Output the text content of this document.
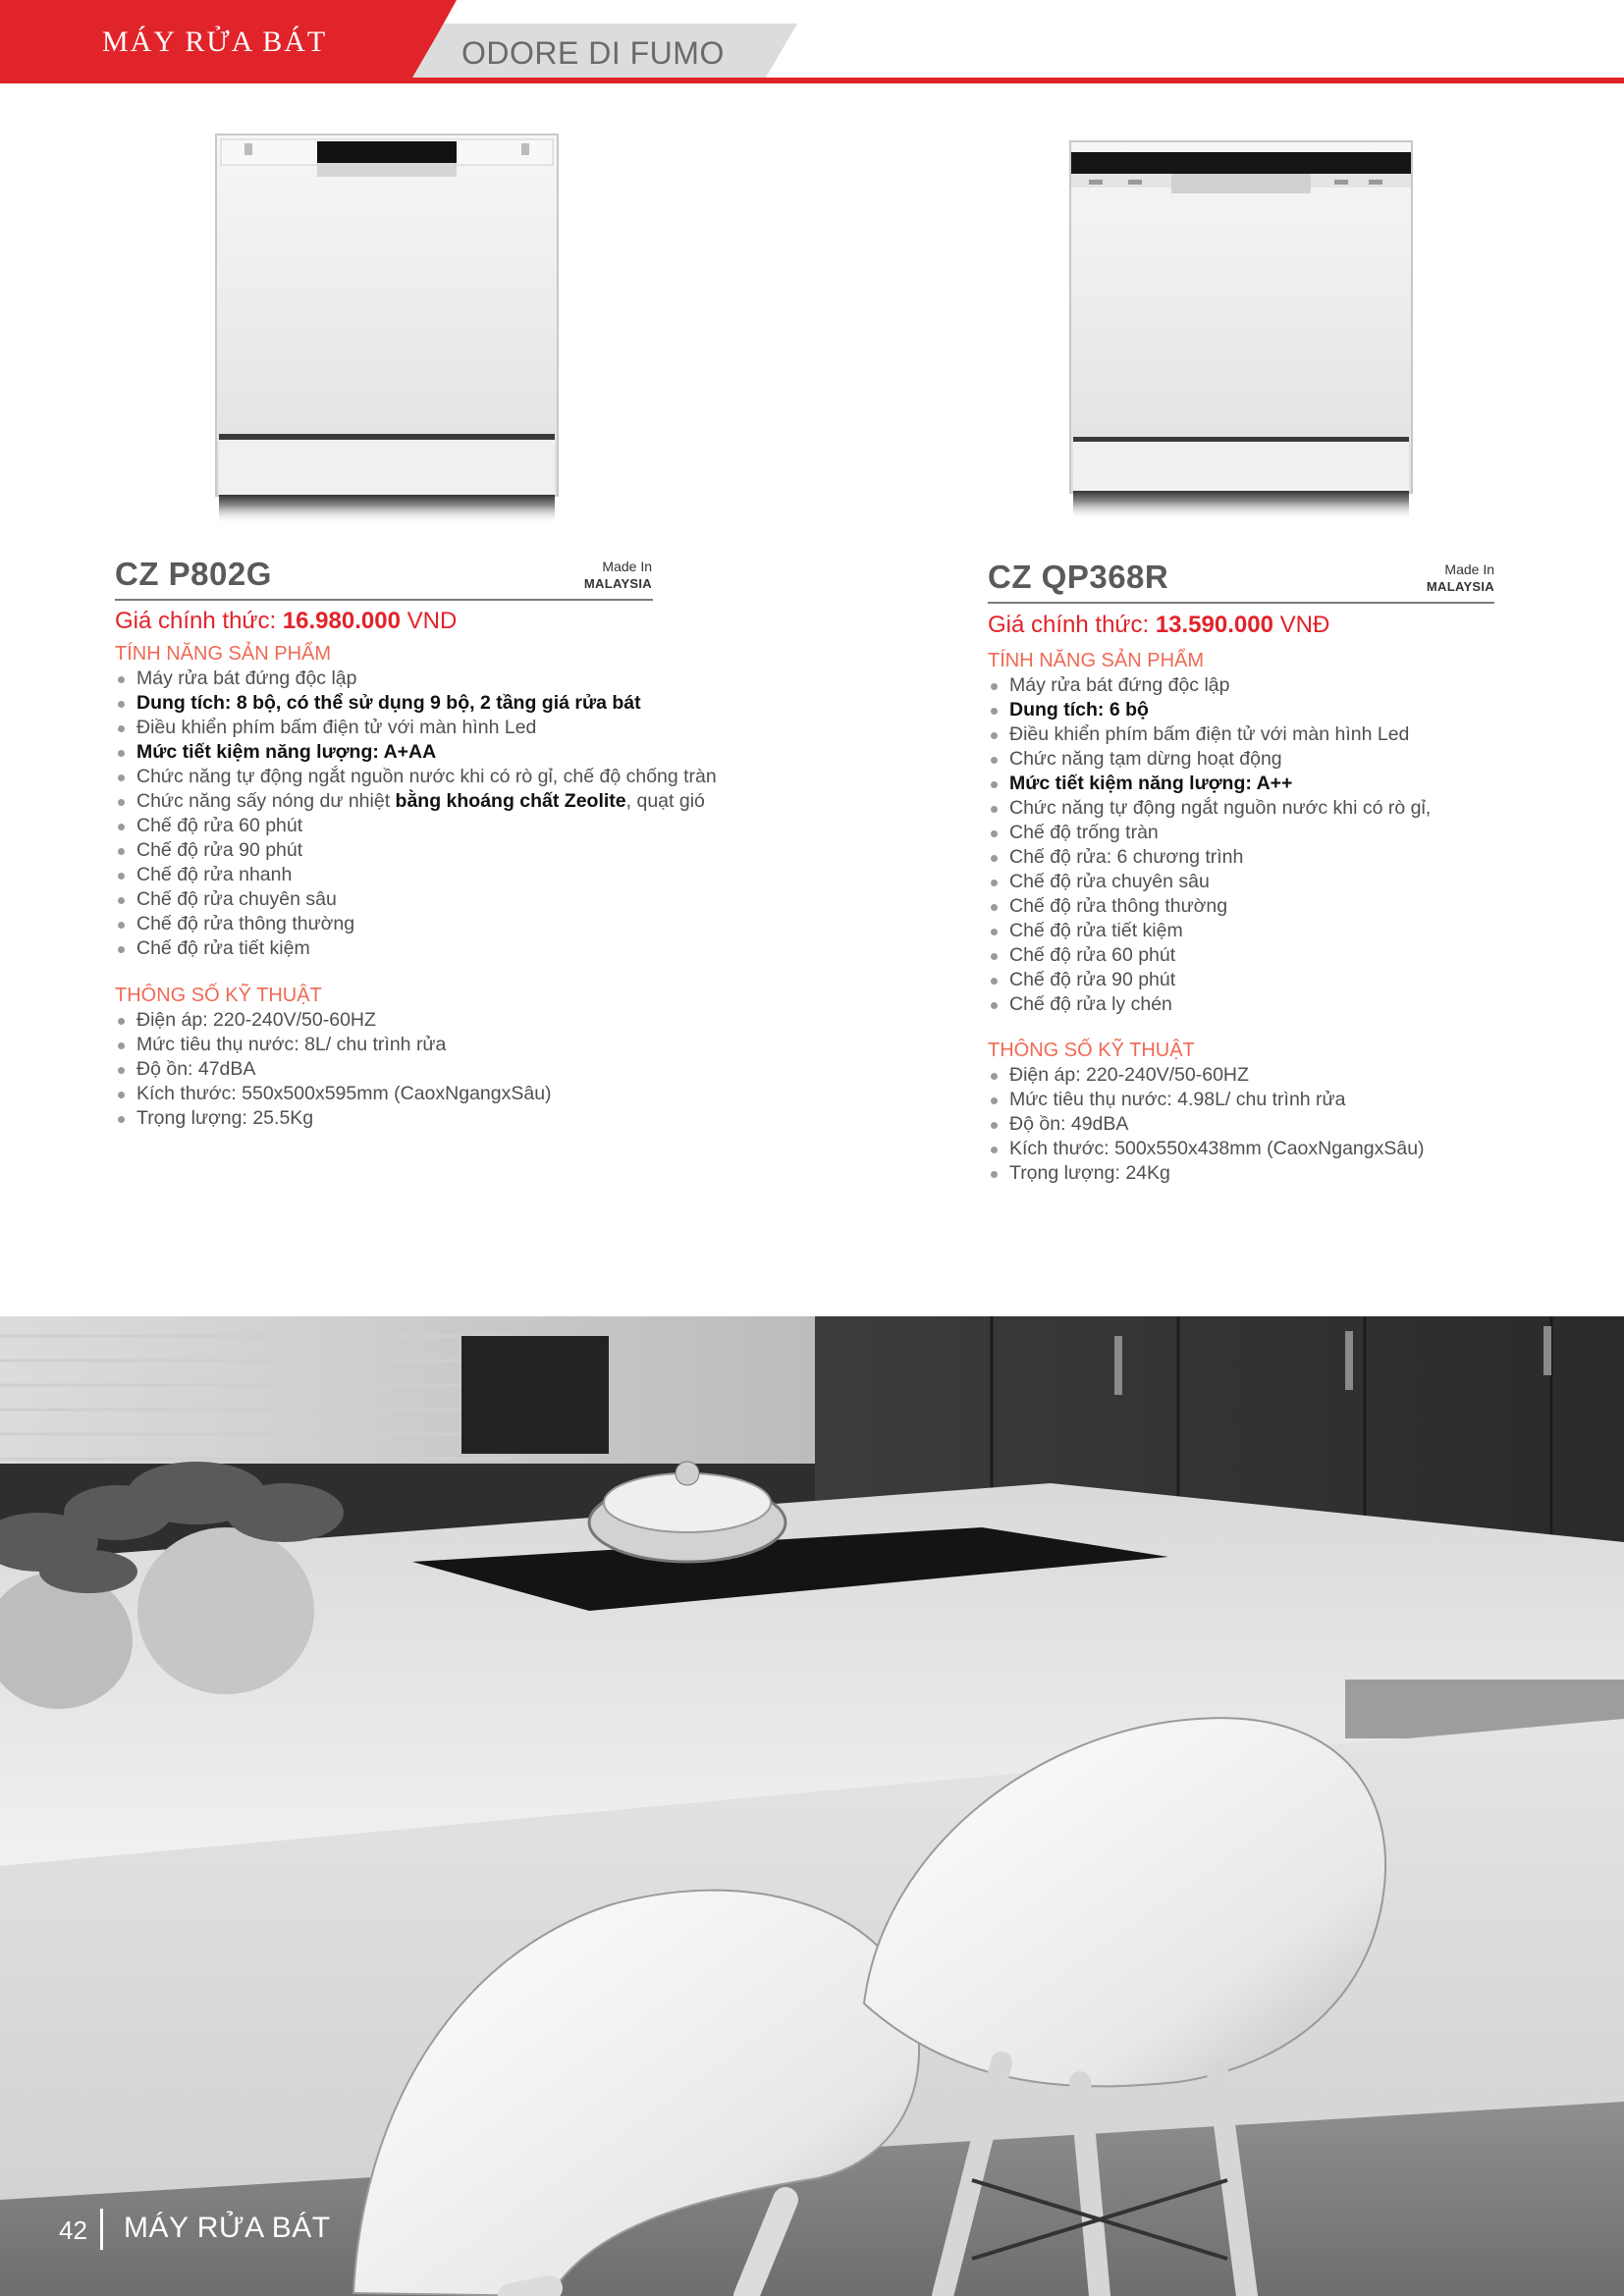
MÁY RỬA BÁT	ODORE DI FUMO
CZ P802G	Made In
MALAYSIA
Giá chính thức: 16.980.000 VND
TÍNH NĂNG SẢN PHẨM
Máy rửa bát đứng độc lập
Dung tích: 8 bộ, có thể sử dụng 9 bộ, 2 tầng giá rửa bát
Điều khiển phím bấm điện tử với màn hình Led
Mức tiết kiệm năng lượng: A+AA
Chức năng tự động ngắt nguồn nước khi có rò gỉ, chế độ chống tràn
Chức năng sấy nóng dư nhiệt bằng khoáng chất Zeolite, quạt gió
Chế độ rửa 60 phút
Chế độ rửa 90 phút
Chế độ rửa nhanh
Chế độ rửa chuyên sâu
Chế độ rửa thông thường
Chế độ rửa tiết kiệm
THÔNG SỐ KỸ THUẬT
Điện áp: 220-240V/50-60HZ
Mức tiêu thụ nước: 8L/ chu trình rửa
Độ ồn: 47dBA
Kích thước: 550x500x595mm (CaoxNgangxSâu)
Trọng lượng: 25.5Kg
CZ QP368R	Made In
MALAYSIA
Giá chính thức: 13.590.000 VNĐ
TÍNH NĂNG SẢN PHẨM
Máy rửa bát đứng độc lập
Dung tích: 6 bộ
Điều khiển phím bấm điện tử với màn hình Led
Chức năng tạm dừng hoạt động
Mức tiết kiệm năng lượng: A++
Chức năng tự động ngắt nguồn nước khi có rò gỉ,
Chế độ trống tràn
Chế độ rửa: 6 chương trình
Chế độ rửa chuyên sâu
Chế độ rửa thông thường
Chế độ rửa tiết kiệm
Chế độ rửa 60 phút
Chế độ rửa 90 phút
Chế độ rửa ly chén
THÔNG SỐ KỸ THUẬT
Điện áp: 220-240V/50-60HZ
Mức tiêu thụ nước: 4.98L/ chu trình rửa
Độ ồn: 49dBA
Kích thước: 500x550x438mm (CaoxNgangxSâu)
Trọng lượng: 24Kg
42 MÁY RỬA BÁT
